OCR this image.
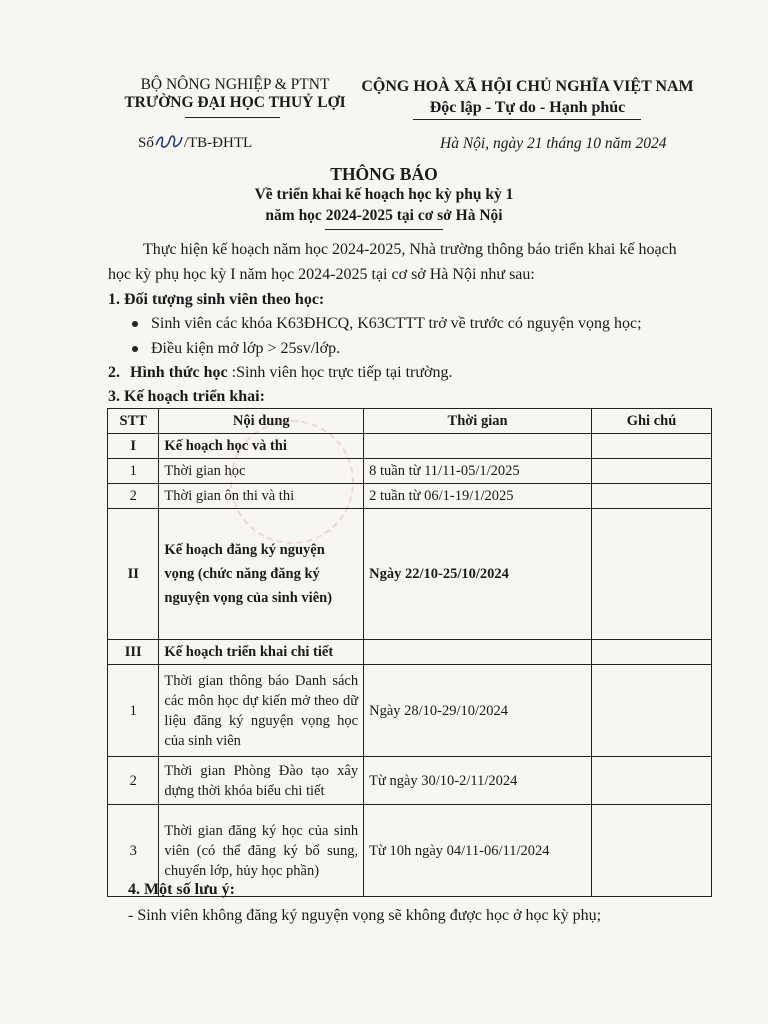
BỘ NÔNG NGHIỆP & PTNT
TRƯỜNG ĐẠI HỌC THUỶ LỢI
CỘNG HOÀ XÃ HỘI CHỦ NGHĨA VIỆT NAM
Độc lập - Tự do - Hạnh phúc
Số /TB-ĐHTL	Hà Nội, ngày 21 tháng 10 năm 2024
THÔNG BÁO
Về triển khai kế hoạch học kỳ phụ kỳ 1
năm học 2024-2025 tại cơ sở Hà Nội
Thực hiện kế hoạch năm học 2024-2025, Nhà trường thông báo triển khai kế hoạch
học kỳ phụ học kỳ I năm học 2024-2025 tại cơ sở Hà Nội như sau:
1. Đối tượng sinh viên theo học:
Sinh viên các khóa K63ĐHCQ, K63CTTT trở về trước có nguyện vọng học;
Điều kiện mở lớp > 25sv/lớp.
2. Hình thức học :Sinh viên học trực tiếp tại trường.
3. Kế hoạch triển khai:
STT	Nội dung	Thời gian	Ghi chú
I	Kế hoạch học và thi		
1	Thời gian học	8 tuần từ 11/11-05/1/2025	
2	Thời gian ôn thi và thi	2 tuần từ 06/1-19/1/2025	
II	Kế hoạch đăng ký nguyện vọng (chức năng đăng ký nguyện vọng của sinh viên)	Ngày 22/10-25/10/2024	
III	Kế hoạch triển khai chi tiết		
1	Thời gian thông báo Danh sách các môn học dự kiến mở theo dữ liệu đăng ký nguyện vọng học của sinh viên	Ngày 28/10-29/10/2024	
2	Thời gian Phòng Đào tạo xây dựng thời khóa biểu chi tiết	Từ ngày 30/10-2/11/2024	
3	Thời gian đăng ký học của sinh viên (có thể đăng ký bổ sung, chuyển lớp, hủy học phần)	Từ 10h ngày 04/11-06/11/2024	
4. Một số lưu ý:
- Sinh viên không đăng ký nguyện vọng sẽ không được học ở học kỳ phụ;
